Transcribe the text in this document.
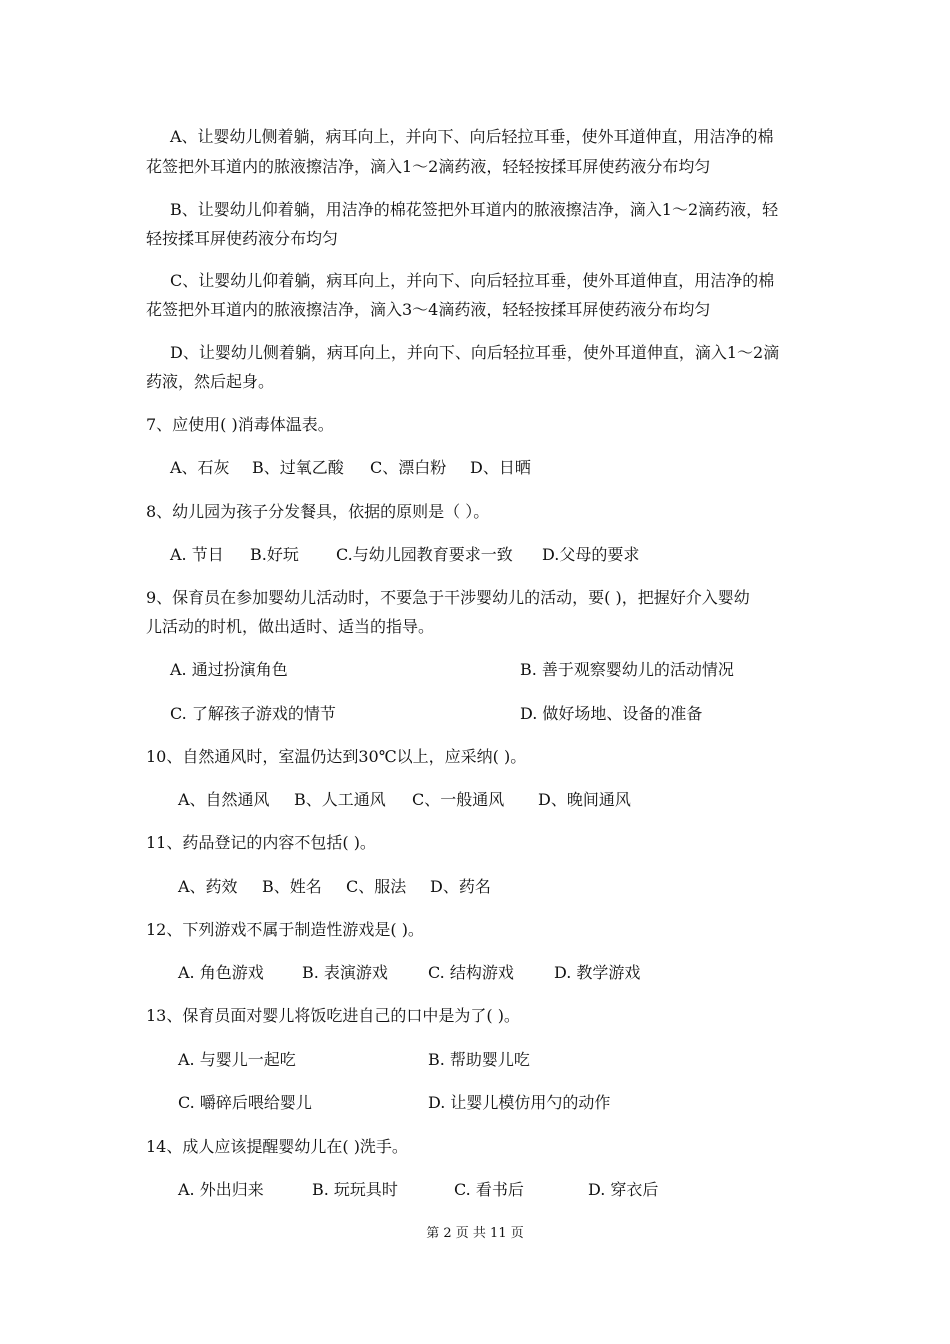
A、让婴幼儿侧着躺，病耳向上，并向下、向后轻拉耳垂，使外耳道伸直，用洁净的棉
花签把外耳道内的脓液擦洁净，滴入1～2滴药液，轻轻按揉耳屏使药液分布均匀
B、让婴幼儿仰着躺，用洁净的棉花签把外耳道内的脓液擦洁净，滴入1～2滴药液，轻
轻按揉耳屏使药液分布均匀
C、让婴幼儿仰着躺，病耳向上，并向下、向后轻拉耳垂，使外耳道伸直，用洁净的棉
花签把外耳道内的脓液擦洁净，滴入3～4滴药液，轻轻按揉耳屏使药液分布均匀
D、让婴幼儿侧着躺，病耳向上，并向下、向后轻拉耳垂，使外耳道伸直，滴入1～2滴
药液，然后起身。
7、应使用( )消毒体温表。
A、石灰 B、过氧乙酸 C、漂白粉 D、日晒
8、幼儿园为孩子分发餐具，依据的原则是（ ）。
A. 节日 B.好玩 C.与幼儿园教育要求一致 D.父母的要求
9、保育员在参加婴幼儿活动时，不要急于干涉婴幼儿的活动，要( )，把握好介入婴幼
儿活动的时机，做出适时、适当的指导。
A. 通过扮演角色	B. 善于观察婴幼儿的活动情况
C. 了解孩子游戏的情节	D. 做好场地、设备的准备
10、自然通风时，室温仍达到30℃以上，应采纳( )。
A、自然通风 B、人工通风 C、一般通风 D、晚间通风
11、药品登记的内容不包括( )。
A、药效 B、姓名 C、服法 D、药名
12、下列游戏不属于制造性游戏是( )。
A. 角色游戏 B. 表演游戏	C. 结构游戏	D. 教学游戏
13、保育员面对婴儿将饭吃进自己的口中是为了( )。
A. 与婴儿一起吃	B. 帮助婴儿吃
C. 嚼碎后喂给婴儿	D. 让婴儿模仿用勺的动作
14、成人应该提醒婴幼儿在( )洗手。
A. 外出归来	B. 玩玩具时	C. 看书后	D. 穿衣后
第 2 页 共 11 页
